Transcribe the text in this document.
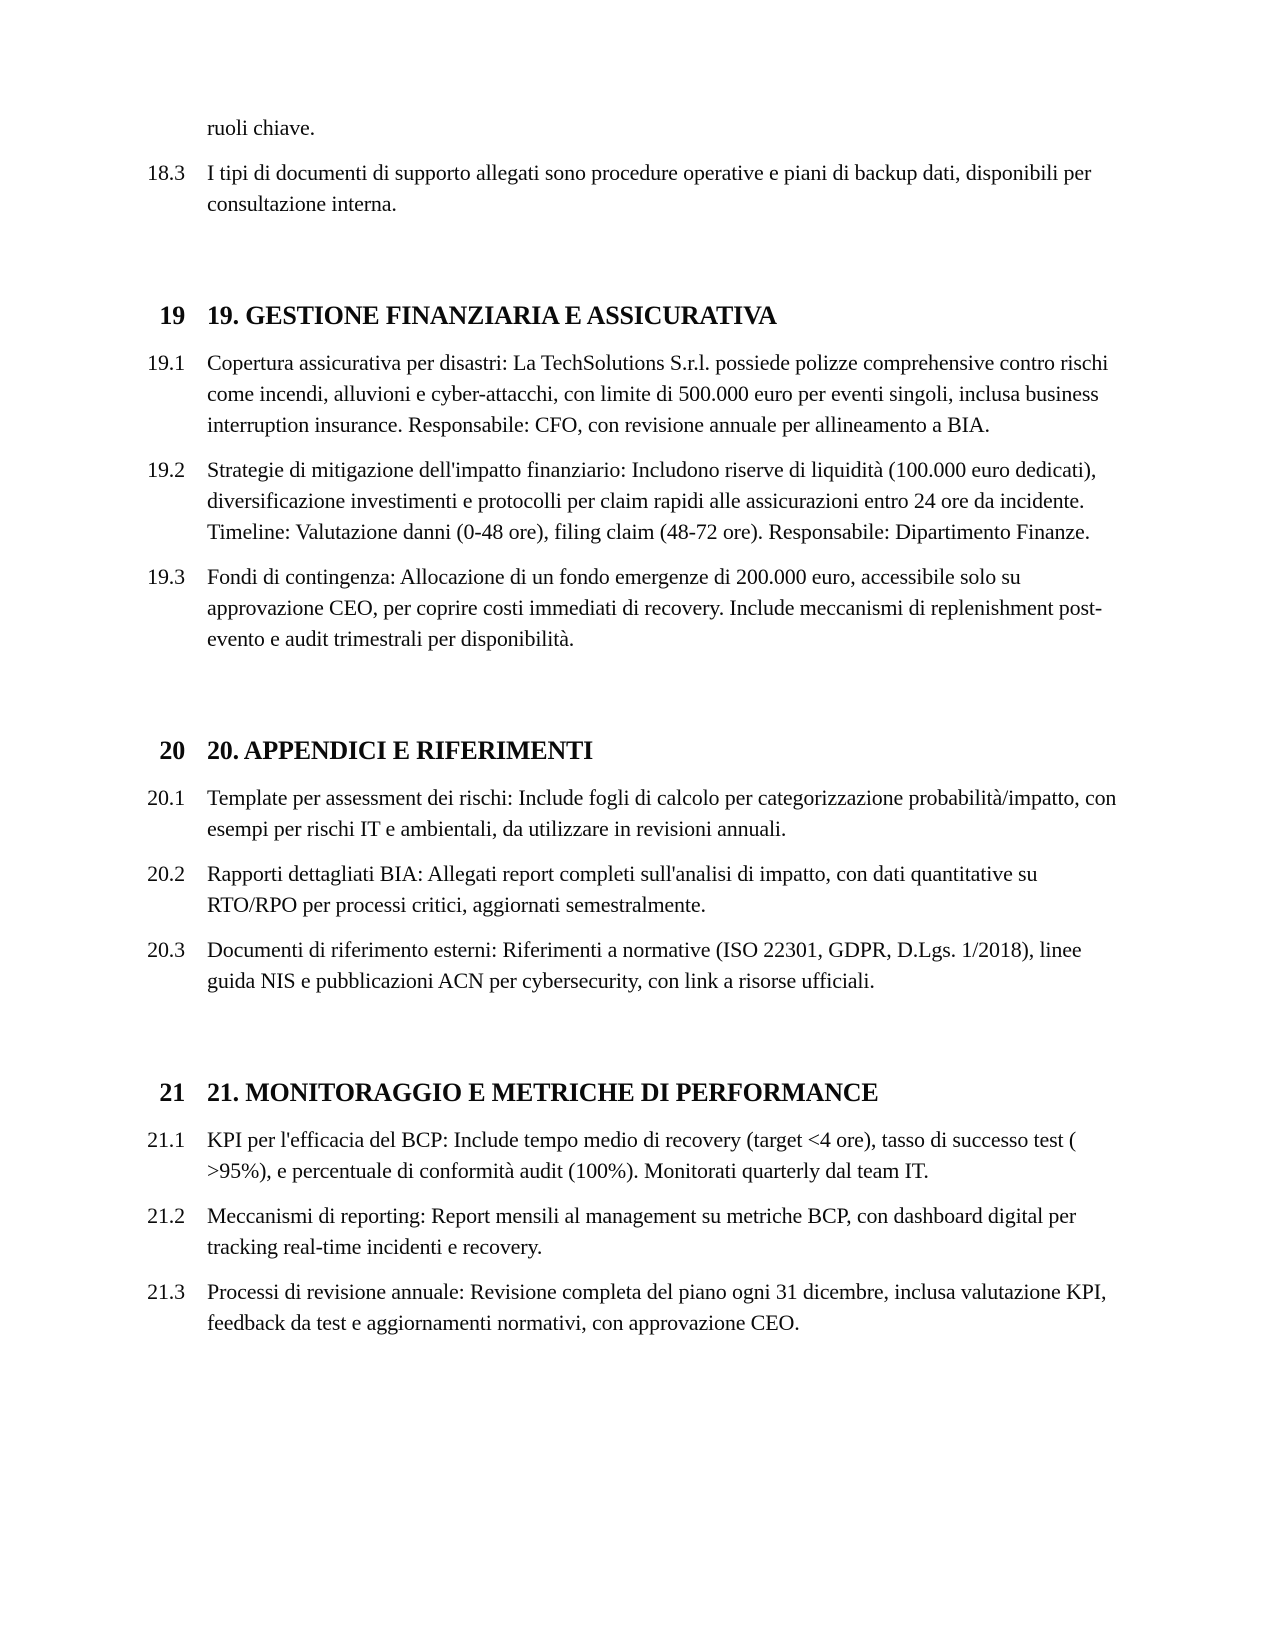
ruoli chiave.
18.3 I tipi di documenti di supporto allegati sono procedure operative e piani di backup dati, disponibili per consultazione interna.
19 19. GESTIONE FINANZIARIA E ASSICURATIVA
19.1 Copertura assicurativa per disastri: La TechSolutions S.r.l. possiede polizze comprehensive contro rischi come incendi, alluvioni e cyber-attacchi, con limite di 500.000 euro per eventi singoli, inclusa business interruption insurance. Responsabile: CFO, con revisione annuale per allineamento a BIA.
19.2 Strategie di mitigazione dell'impatto finanziario: Includono riserve di liquidità (100.000 euro dedicati), diversificazione investimenti e protocolli per claim rapidi alle assicurazioni entro 24 ore da incidente. Timeline: Valutazione danni (0-48 ore), filing claim (48-72 ore). Responsabile: Dipartimento Finanze.
19.3 Fondi di contingenza: Allocazione di un fondo emergenze di 200.000 euro, accessibile solo su approvazione CEO, per coprire costi immediati di recovery. Include meccanismi di replenishment post-evento e audit trimestrali per disponibilità.
20 20. APPENDICI E RIFERIMENTI
20.1 Template per assessment dei rischi: Include fogli di calcolo per categorizzazione probabilità/impatto, con esempi per rischi IT e ambientali, da utilizzare in revisioni annuali.
20.2 Rapporti dettagliati BIA: Allegati report completi sull'analisi di impatto, con dati quantitative su RTO/RPO per processi critici, aggiornati semestralmente.
20.3 Documenti di riferimento esterni: Riferimenti a normative (ISO 22301, GDPR, D.Lgs. 1/2018), linee guida NIS e pubblicazioni ACN per cybersecurity, con link a risorse ufficiali.
21 21. MONITORAGGIO E METRICHE DI PERFORMANCE
21.1 KPI per l'efficacia del BCP: Include tempo medio di recovery (target <4 ore), tasso di successo test ( >95%), e percentuale di conformità audit (100%). Monitorati quarterly dal team IT.
21.2 Meccanismi di reporting: Report mensili al management su metriche BCP, con dashboard digital per tracking real-time incidenti e recovery.
21.3 Processi di revisione annuale: Revisione completa del piano ogni 31 dicembre, inclusa valutazione KPI, feedback da test e aggiornamenti normativi, con approvazione CEO.
